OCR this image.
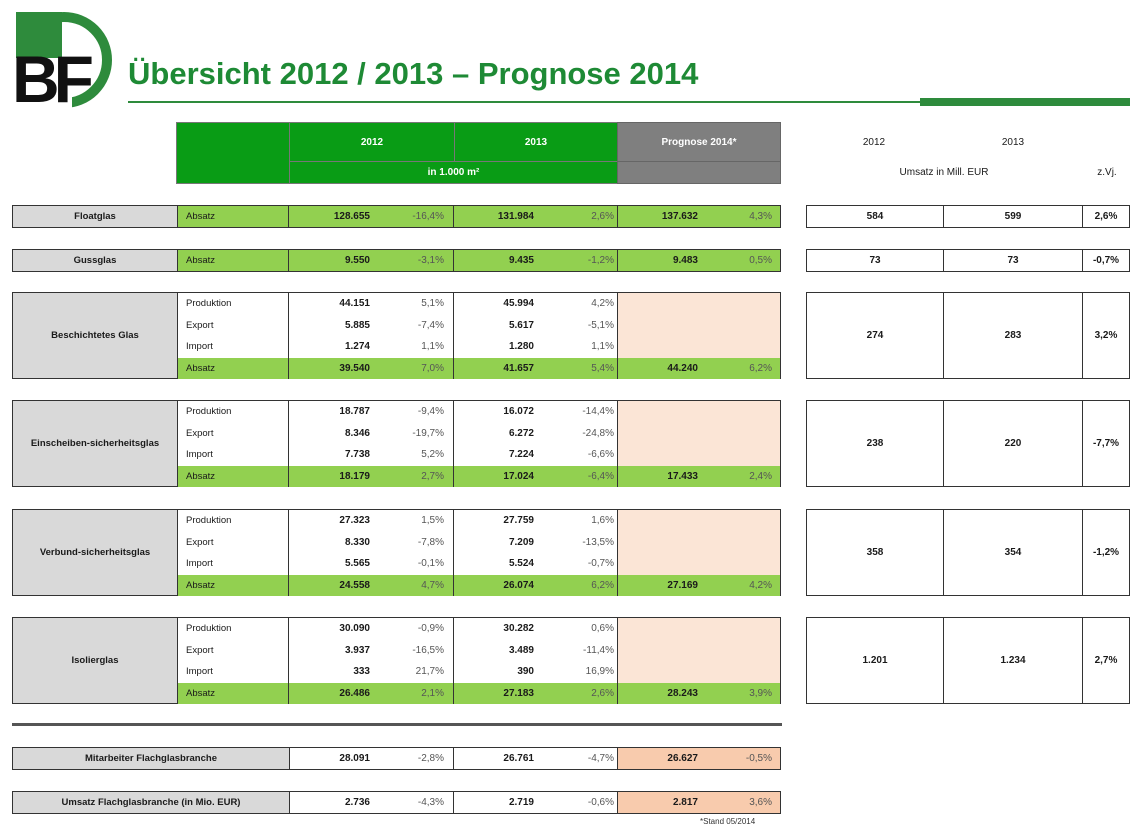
BF Übersicht 2012 / 2013 – Prognose 2014
2012	2013	Prognose 2014*
in 1.000 m²
2012	2013
Umsatz in Mill. EUR	z.Vj.
Floatglas	Absatz	128.655	-16,4%	131.984	2,6%	137.632	4,3%	584	599	2,6%
Gussglas	Absatz	9.550	-3,1%	9.435	-1,2%	9.483	0,5%	73	73	-0,7%
Beschichtetes Glas
Produktion	44.151	5,1%	45.994	4,2%
Export	5.885	-7,4%	5.617	-5,1%
Import	1.274	1,1%	1.280	1,1%
Absatz	39.540	7,0%	41.657	5,4%	44.240	6,2%
274	283	3,2%
Einscheiben-sicherheitsglas
Produktion	18.787	-9,4%	16.072	-14,4%
Export	8.346	-19,7%	6.272	-24,8%
Import	7.738	5,2%	7.224	-6,6%
Absatz	18.179	2,7%	17.024	-6,4%	17.433	2,4%
238	220	-7,7%
Verbund-sicherheitsglas
Produktion	27.323	1,5%	27.759	1,6%
Export	8.330	-7,8%	7.209	-13,5%
Import	5.565	-0,1%	5.524	-0,7%
Absatz	24.558	4,7%	26.074	6,2%	27.169	4,2%
358	354	-1,2%
Isolierglas
Produktion	30.090	-0,9%	30.282	0,6%
Export	3.937	-16,5%	3.489	-11,4%
Import	333	21,7%	390	16,9%
Absatz	26.486	2,1%	27.183	2,6%	28.243	3,9%
1.201	1.234	2,7%
Mitarbeiter Flachglasbranche	28.091	-2,8%	26.761	-4,7%	26.627	-0,5%
Umsatz Flachglasbranche (in Mio. EUR)	2.736	-4,3%	2.719	-0,6%	2.817	3,6%
*Stand 05/2014
